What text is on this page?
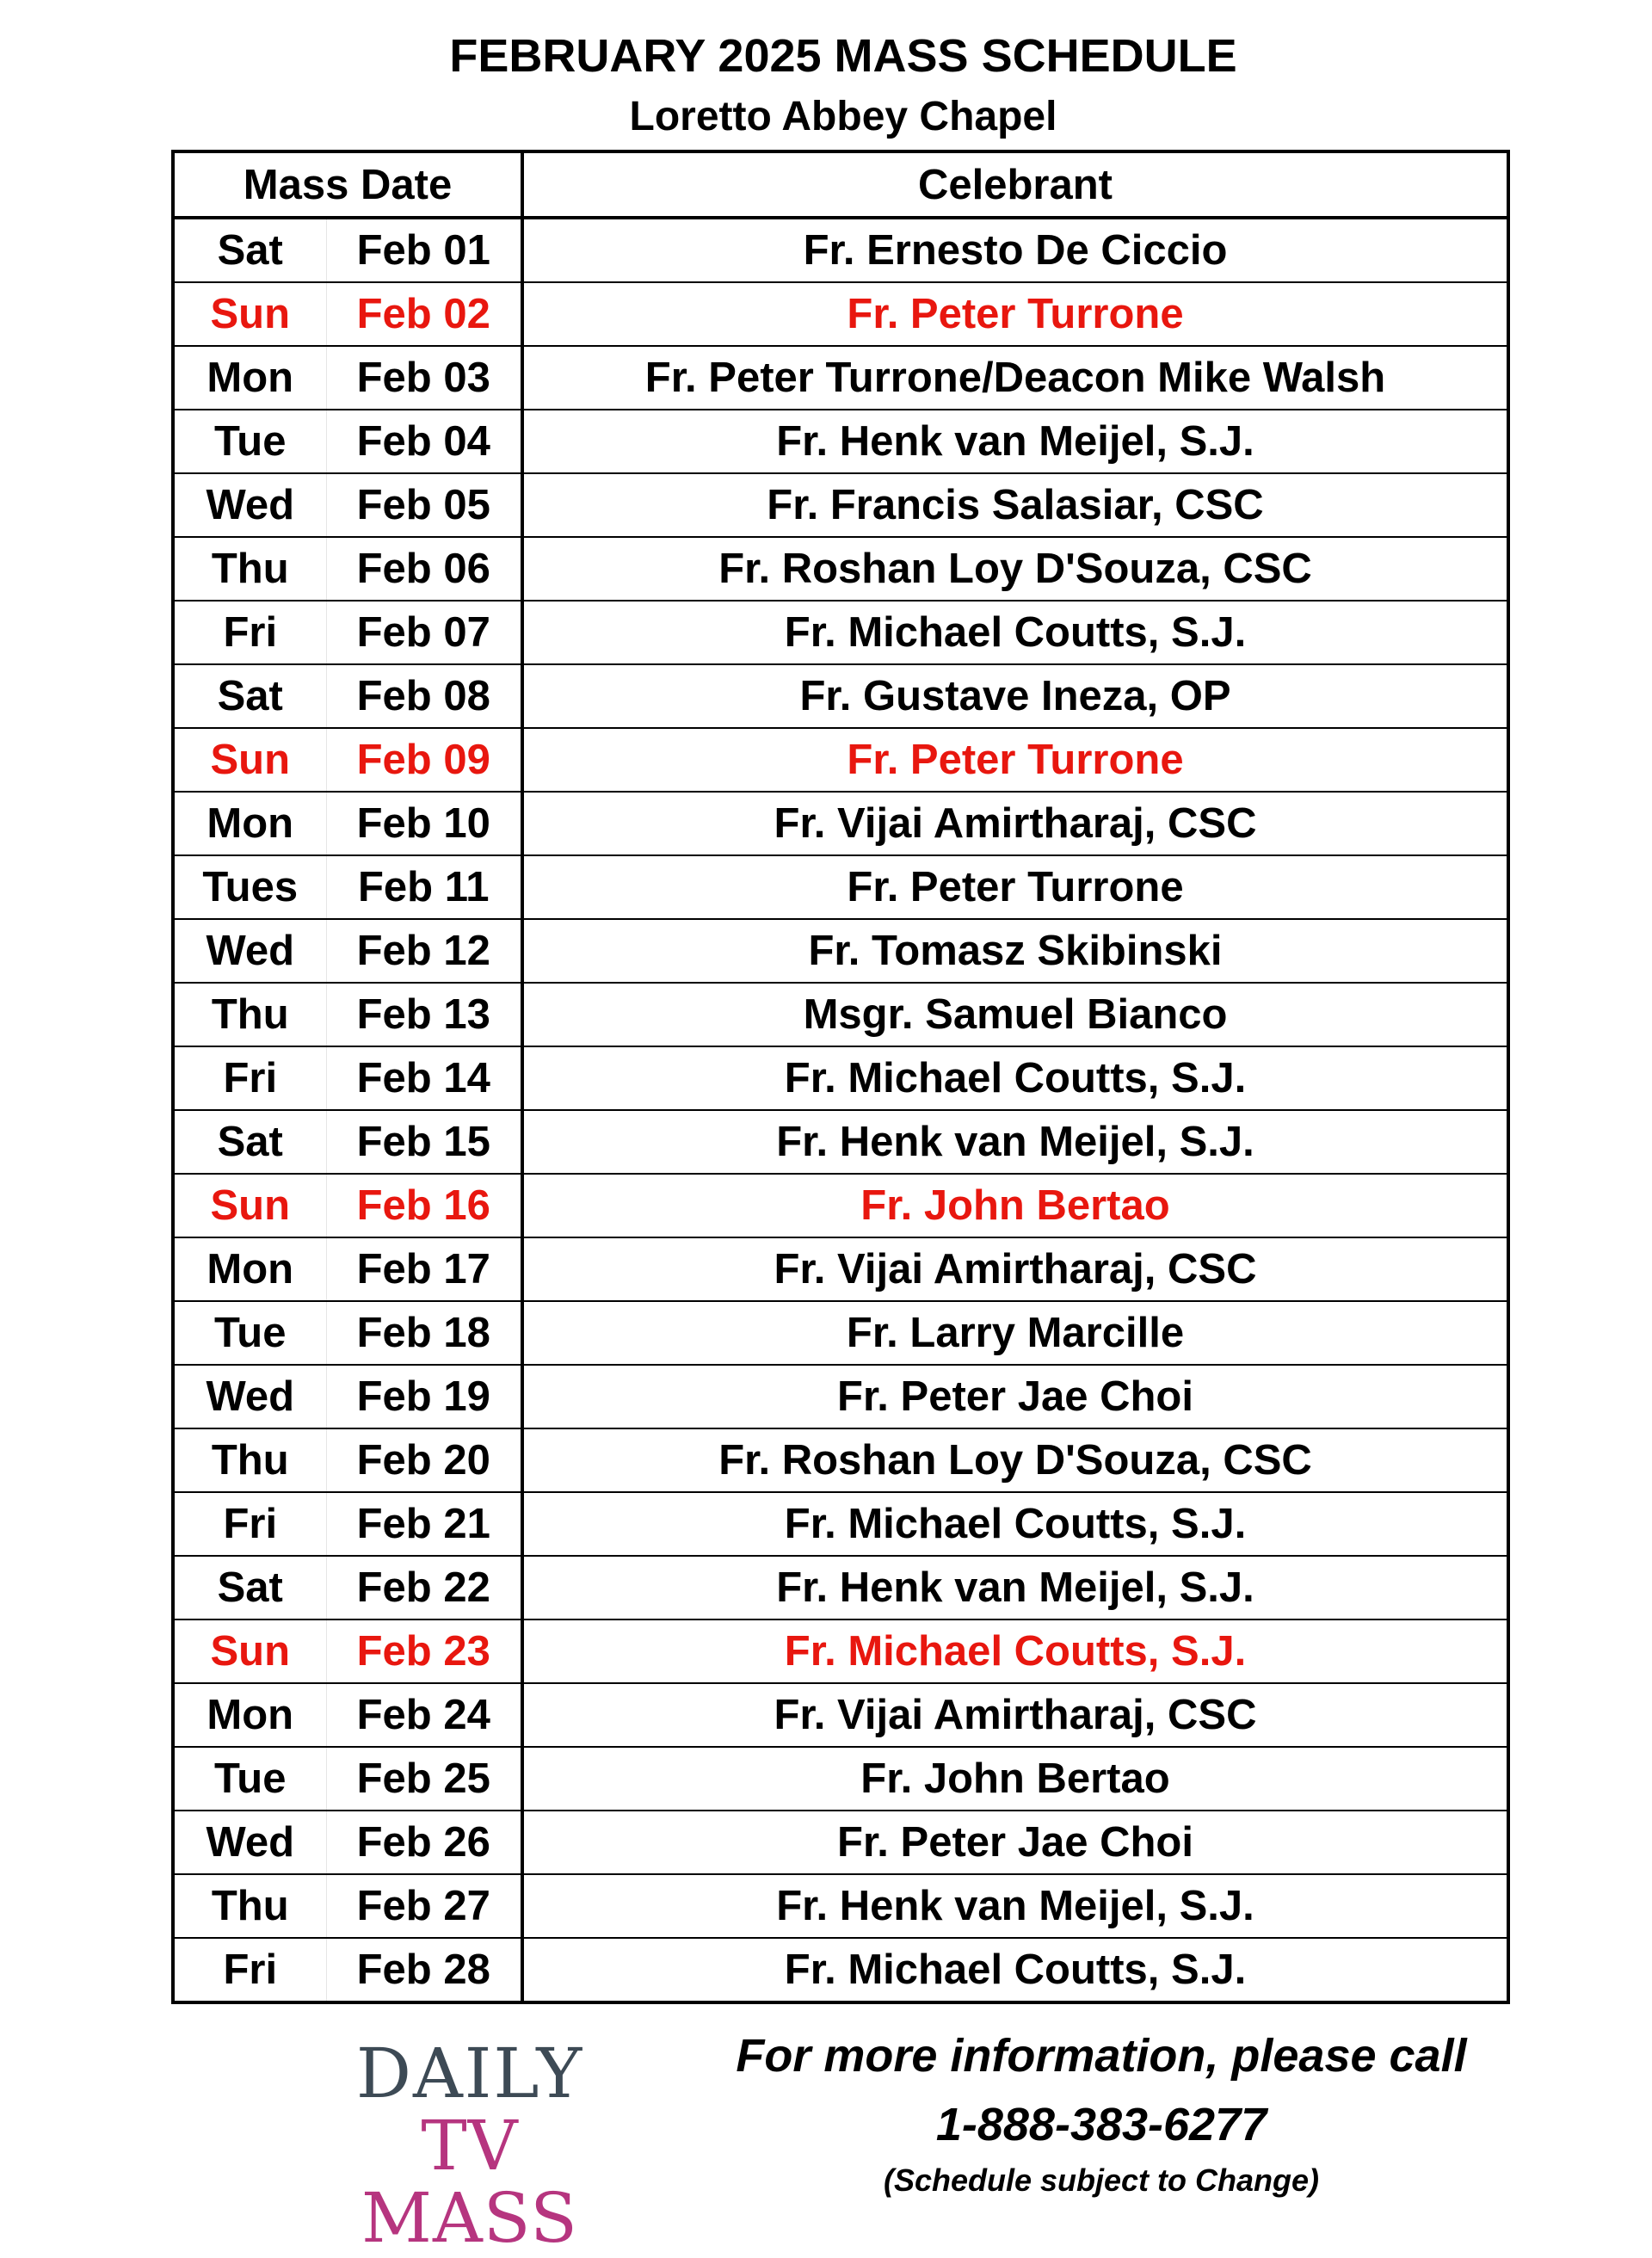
FEBRUARY 2025 MASS SCHEDULE
Loretto Abbey Chapel
Mass Date		Celebrant
Sat	Feb 01	Fr. Ernesto De Ciccio
Sun	Feb 02	Fr. Peter Turrone
Mon	Feb 03	Fr. Peter Turrone/Deacon Mike Walsh
Tue	Feb 04	Fr. Henk van Meijel, S.J.
Wed	Feb 05	Fr. Francis Salasiar, CSC
Thu	Feb 06	Fr. Roshan Loy D'Souza, CSC
Fri	Feb 07	Fr. Michael Coutts, S.J.
Sat	Feb 08	Fr. Gustave Ineza, OP
Sun	Feb 09	Fr. Peter Turrone
Mon	Feb 10	Fr. Vijai Amirtharaj, CSC
Tues	Feb 11	Fr. Peter Turrone
Wed	Feb 12	Fr. Tomasz Skibinski
Thu	Feb 13	Msgr. Samuel Bianco
Fri	Feb 14	Fr. Michael Coutts, S.J.
Sat	Feb 15	Fr. Henk van Meijel, S.J.
Sun	Feb 16	Fr. John Bertao
Mon	Feb 17	Fr. Vijai Amirtharaj, CSC
Tue	Feb 18	Fr. Larry Marcille
Wed	Feb 19	Fr. Peter Jae Choi
Thu	Feb 20	Fr. Roshan Loy D'Souza, CSC
Fri	Feb 21	Fr. Michael Coutts, S.J.
Sat	Feb 22	Fr. Henk van Meijel, S.J.
Sun	Feb 23	Fr. Michael Coutts, S.J.
Mon	Feb 24	Fr. Vijai Amirtharaj, CSC
Tue	Feb 25	Fr. John Bertao
Wed	Feb 26	Fr. Peter Jae Choi
Thu	Feb 27	Fr. Henk van Meijel, S.J.
Fri	Feb 28	Fr. Michael Coutts, S.J.
DAILY
TV MASS

For more information, please call

1-888-383-6277

(Schedule subject to Change)
